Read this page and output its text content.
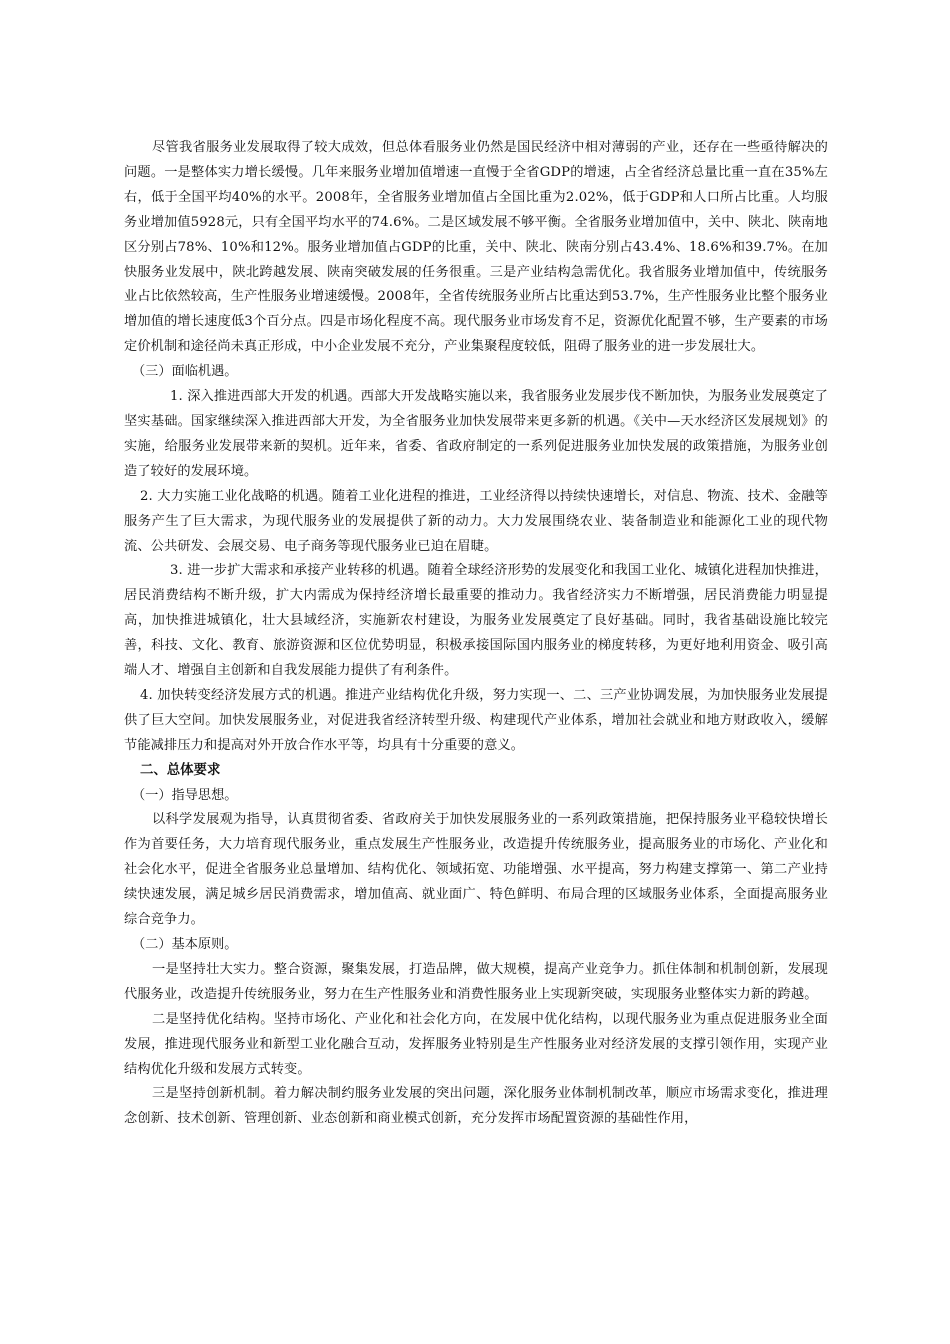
尽管我省服务业发展取得了较大成效，但总体看服务业仍然是国民经济中相对薄弱的产业，还存在一些亟待解决的问题。一是整体实力增长缓慢。几年来服务业增加值增速一直慢于全省GDP的增速，占全省经济总量比重一直在35%左右，低于全国平均40%的水平。2008年，全省服务业增加值占全国比重为2.02%，低于GDP和人口所占比重。人均服务业增加值5928元，只有全国平均水平的74.6%。二是区域发展不够平衡。全省服务业增加值中，关中、陕北、陕南地区分别占78%、10%和12%。服务业增加值占GDP的比重，关中、陕北、陕南分别占43.4%、18.6%和39.7%。在加快服务业发展中，陕北跨越发展、陕南突破发展的任务很重。三是产业结构急需优化。我省服务业增加值中，传统服务业占比依然较高，生产性服务业增速缓慢。2008年，全省传统服务业所占比重达到53.7%，生产性服务业比整个服务业增加值的增长速度低3个百分点。四是市场化程度不高。现代服务业市场发育不足，资源优化配置不够，生产要素的市场定价机制和途径尚未真正形成，中小企业发展不充分，产业集聚程度较低，阻碍了服务业的进一步发展壮大。

（三）面临机遇。

1. 深入推进西部大开发的机遇。西部大开发战略实施以来，我省服务业发展步伐不断加快，为服务业发展奠定了坚实基础。国家继续深入推进西部大开发，为全省服务业加快发展带来更多新的机遇。《关中—天水经济区发展规划》的实施，给服务业发展带来新的契机。近年来，省委、省政府制定的一系列促进服务业加快发展的政策措施，为服务业创造了较好的发展环境。

2. 大力实施工业化战略的机遇。随着工业化进程的推进，工业经济得以持续快速增长，对信息、物流、技术、金融等服务产生了巨大需求，为现代服务业的发展提供了新的动力。大力发展围绕农业、装备制造业和能源化工业的现代物流、公共研发、会展交易、电子商务等现代服务业已迫在眉睫。

3. 进一步扩大需求和承接产业转移的机遇。随着全球经济形势的发展变化和我国工业化、城镇化进程加快推进，居民消费结构不断升级，扩大内需成为保持经济增长最重要的推动力。我省经济实力不断增强，居民消费能力明显提高，加快推进城镇化，壮大县域经济，实施新农村建设，为服务业发展奠定了良好基础。同时，我省基础设施比较完善，科技、文化、教育、旅游资源和区位优势明显，积极承接国际国内服务业的梯度转移，为更好地利用资金、吸引高端人才、增强自主创新和自我发展能力提供了有利条件。

4. 加快转变经济发展方式的机遇。推进产业结构优化升级，努力实现一、二、三产业协调发展，为加快服务业发展提供了巨大空间。加快发展服务业，对促进我省经济转型升级、构建现代产业体系，增加社会就业和地方财政收入，缓解节能减排压力和提高对外开放合作水平等，均具有十分重要的意义。

二、总体要求

（一）指导思想。

以科学发展观为指导，认真贯彻省委、省政府关于加快发展服务业的一系列政策措施，把保持服务业平稳较快增长作为首要任务，大力培育现代服务业，重点发展生产性服务业，改造提升传统服务业，提高服务业的市场化、产业化和社会化水平，促进全省服务业总量增加、结构优化、领域拓宽、功能增强、水平提高，努力构建支撑第一、第二产业持续快速发展，满足城乡居民消费需求，增加值高、就业面广、特色鲜明、布局合理的区域服务业体系，全面提高服务业综合竞争力。

（二）基本原则。

一是坚持壮大实力。整合资源，聚集发展，打造品牌，做大规模，提高产业竞争力。抓住体制和机制创新，发展现代服务业，改造提升传统服务业，努力在生产性服务业和消费性服务业上实现新突破，实现服务业整体实力新的跨越。

二是坚持优化结构。坚持市场化、产业化和社会化方向，在发展中优化结构，以现代服务业为重点促进服务业全面发展，推进现代服务业和新型工业化融合互动，发挥服务业特别是生产性服务业对经济发展的支撑引领作用，实现产业结构优化升级和发展方式转变。

三是坚持创新机制。着力解决制约服务业发展的突出问题，深化服务业体制机制改革，顺应市场需求变化，推进理念创新、技术创新、管理创新、业态创新和商业模式创新，充分发挥市场配置资源的基础性作用，
